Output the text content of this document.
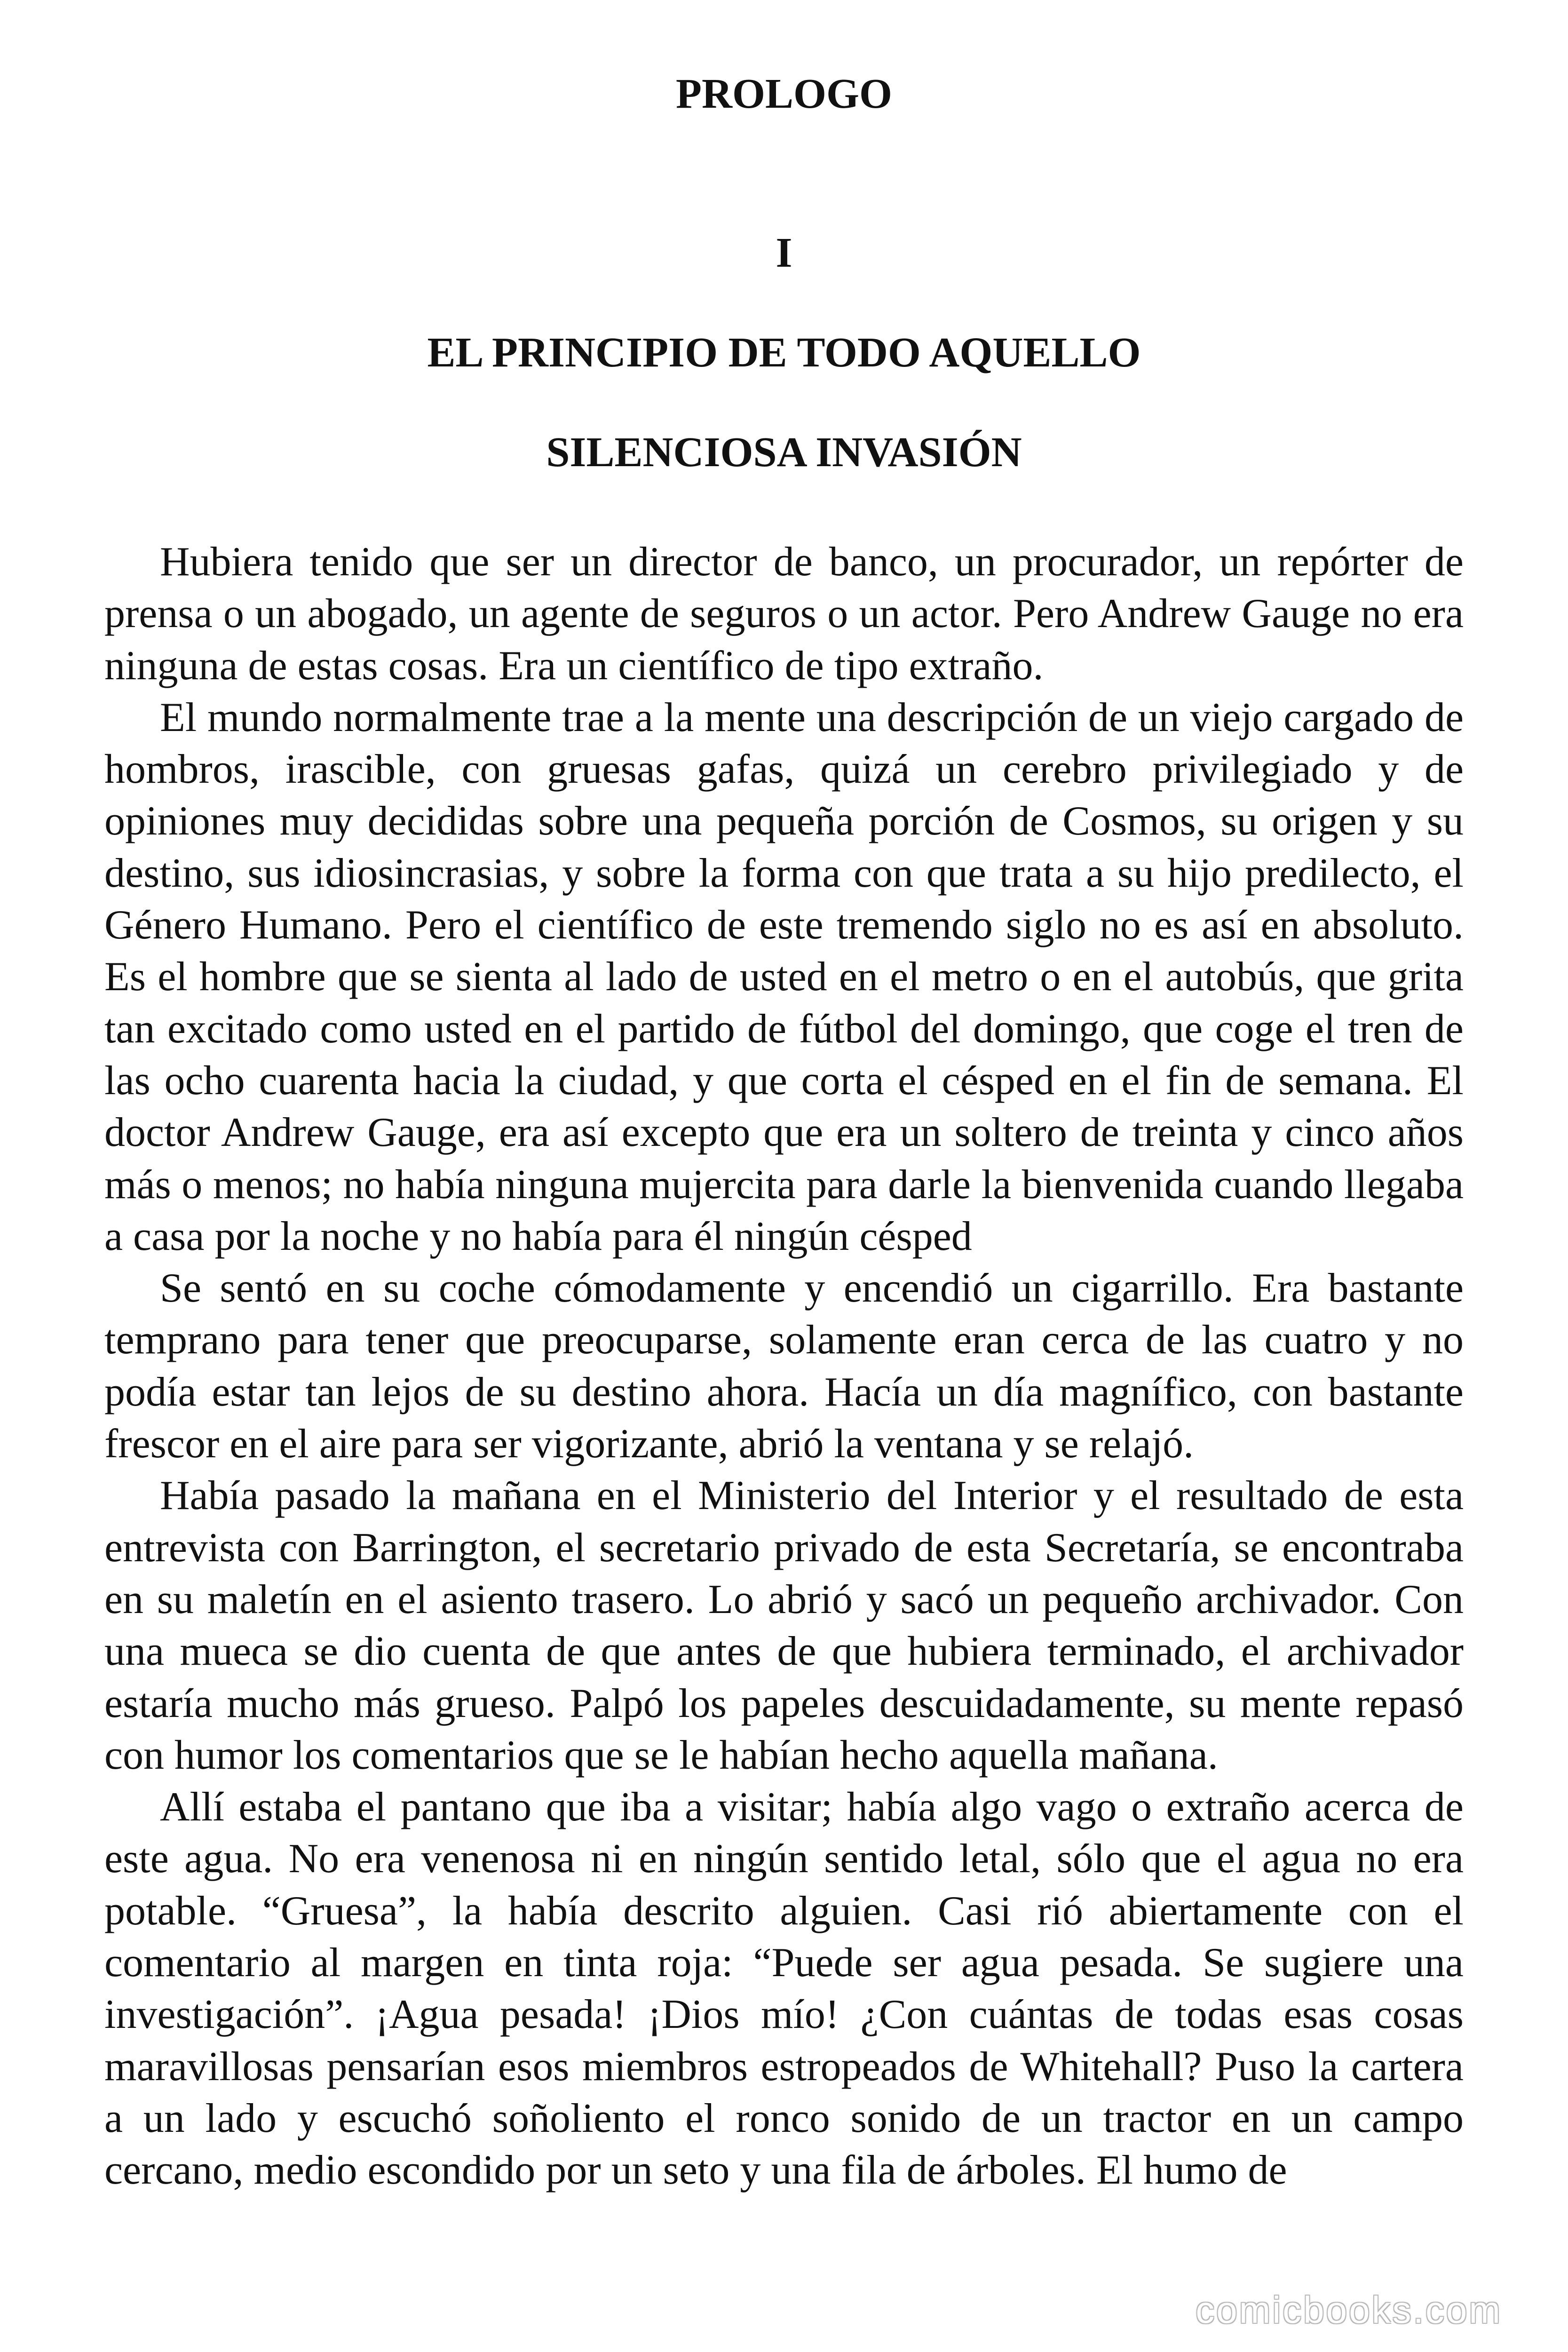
PROLOGO
I
EL PRINCIPIO DE TODO AQUELLO
SILENCIOSA INVASIÓN

Hubiera tenido que ser un director de banco, un procurador, un repórter de prensa o un abogado, un agente de seguros o un actor. Pero Andrew Gauge no era ninguna de estas cosas. Era un científico de tipo extraño.

El mundo normalmente trae a la mente una descripción de un viejo cargado de hombros, irascible, con gruesas gafas, quizá un cerebro privilegiado y de opiniones muy decididas sobre una pequeña porción de Cosmos, su origen y su destino, sus idiosincrasias, y sobre la forma con que trata a su hijo predilecto, el Género Humano. Pero el científico de este tremendo siglo no es así en absoluto. Es el hombre que se sienta al lado de usted en el metro o en el autobús, que grita tan excitado como usted en el partido de fútbol del domingo, que coge el tren de las ocho cuarenta hacia la ciudad, y que corta el césped en el fin de semana. El doctor Andrew Gauge, era así excepto que era un soltero de treinta y cinco años más o menos; no había ninguna mujercita para darle la bienvenida cuando llegaba a casa por la noche y no había para él ningún césped

Se sentó en su coche cómodamente y encendió un cigarrillo. Era bastante temprano para tener que preocuparse, solamente eran cerca de las cuatro y no podía estar tan lejos de su destino ahora. Hacía un día magnífico, con bastante frescor en el aire para ser vigorizante, abrió la ventana y se relajó.

Había pasado la mañana en el Ministerio del Interior y el resultado de esta entrevista con Barrington, el secretario privado de esta Secretaría, se encontraba en su maletín en el asiento trasero. Lo abrió y sacó un pequeño archivador. Con una mueca se dio cuenta de que antes de que hubiera terminado, el archivador estaría mucho más grueso. Palpó los papeles descuidadamente, su mente repasó con humor los comentarios que se le habían hecho aquella mañana.

Allí estaba el pantano que iba a visitar; había algo vago o extraño acerca de este agua. No era venenosa ni en ningún sentido letal, sólo que el agua no era potable. “Gruesa”, la había descrito alguien. Casi rió abiertamente con el comentario al margen en tinta roja: “Puede ser agua pesada. Se sugiere una investigación”. ¡Agua pesada! ¡Dios mío! ¿Con cuántas de todas esas cosas maravillosas pensarían esos miembros estropeados de Whitehall? Puso la cartera a un lado y escuchó soñoliento el ronco sonido de un tractor en un campo cercano, medio escondido por un seto y una fila de árboles. El humo de

comicbooks.com
